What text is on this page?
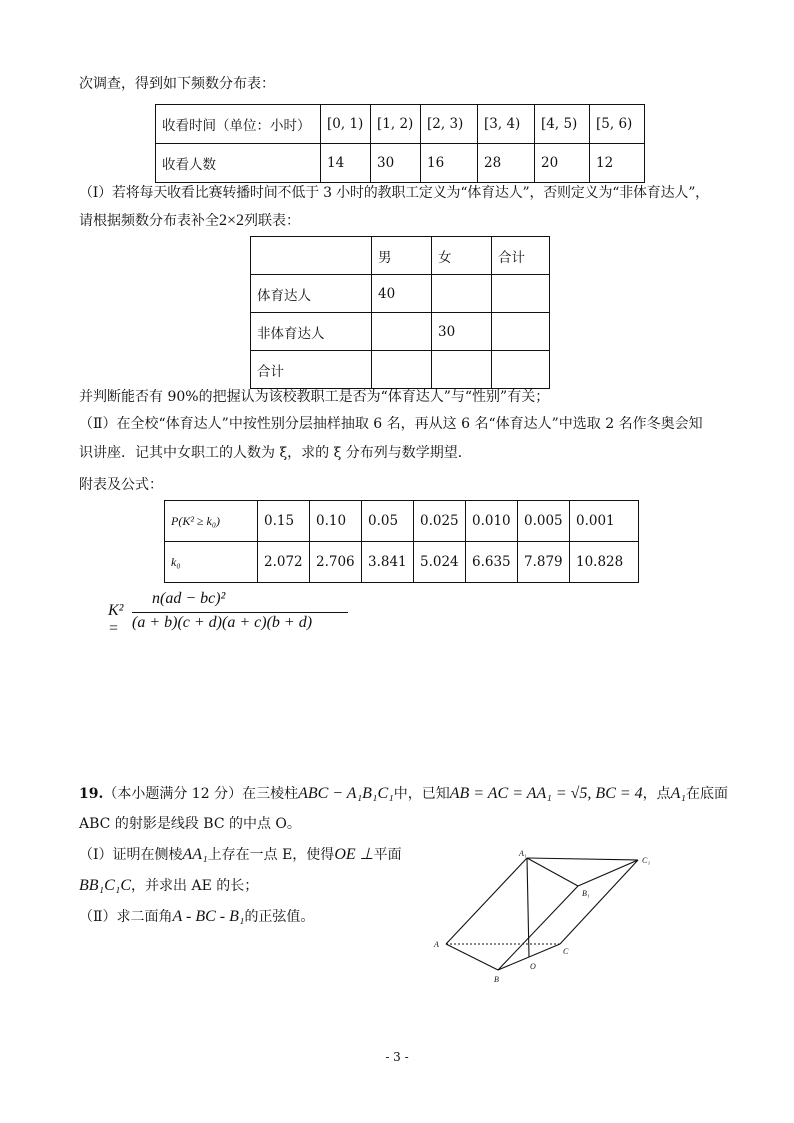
次调查，得到如下频数分布表：
收看时间（单位：小时）	[0, 1)	[1, 2)	[2, 3)	[3, 4)	[4, 5)	[5, 6)
收看人数	14	30	16	28	20	12
（Ⅰ）若将每天收看比赛转播时间不低于 3 小时的教职工定义为“体育达人”，否则定义为“非体育达人”，
请根据频数分布表补全2×2列联表：
	男	女	合计
体育达人	40		
非体育达人		30	
合计			
并判断能否有 90%的把握认为该校教职工是否为“体育达人”与“性别”有关；
（Ⅱ）在全校“体育达人”中按性别分层抽样抽取 6 名，再从这 6 名“体育达人”中选取 2 名作冬奥会知
识讲座．记其中女职工的人数为 ξ，求的 ξ 分布列与数学期望．
附表及公式：
P(K² ≥ k₀)	0.15	0.10	0.05	0.025	0.010	0.005	0.001
k₀	2.072	2.706	3.841	5.024	6.635	7.879	10.828
K² =
n(ad − bc)²
(a + b)(c + d)(a + c)(b + d)
19.（本小题满分 12 分）在三棱柱ABC − A₁B₁C₁中，已知AB = AC = AA₁ = √5, BC = 4，点A₁在底面
ABC 的射影是线段 BC 的中点 O。
（Ⅰ）证明在侧棱AA₁上存在一点 E，使得OE ⊥平面
BB₁C₁C，并求出 AE 的长；
（Ⅱ）求二面角A - BC - B₁的正弦值。
A₁
C₁
B₁
A
B
O
C
- 3 -
